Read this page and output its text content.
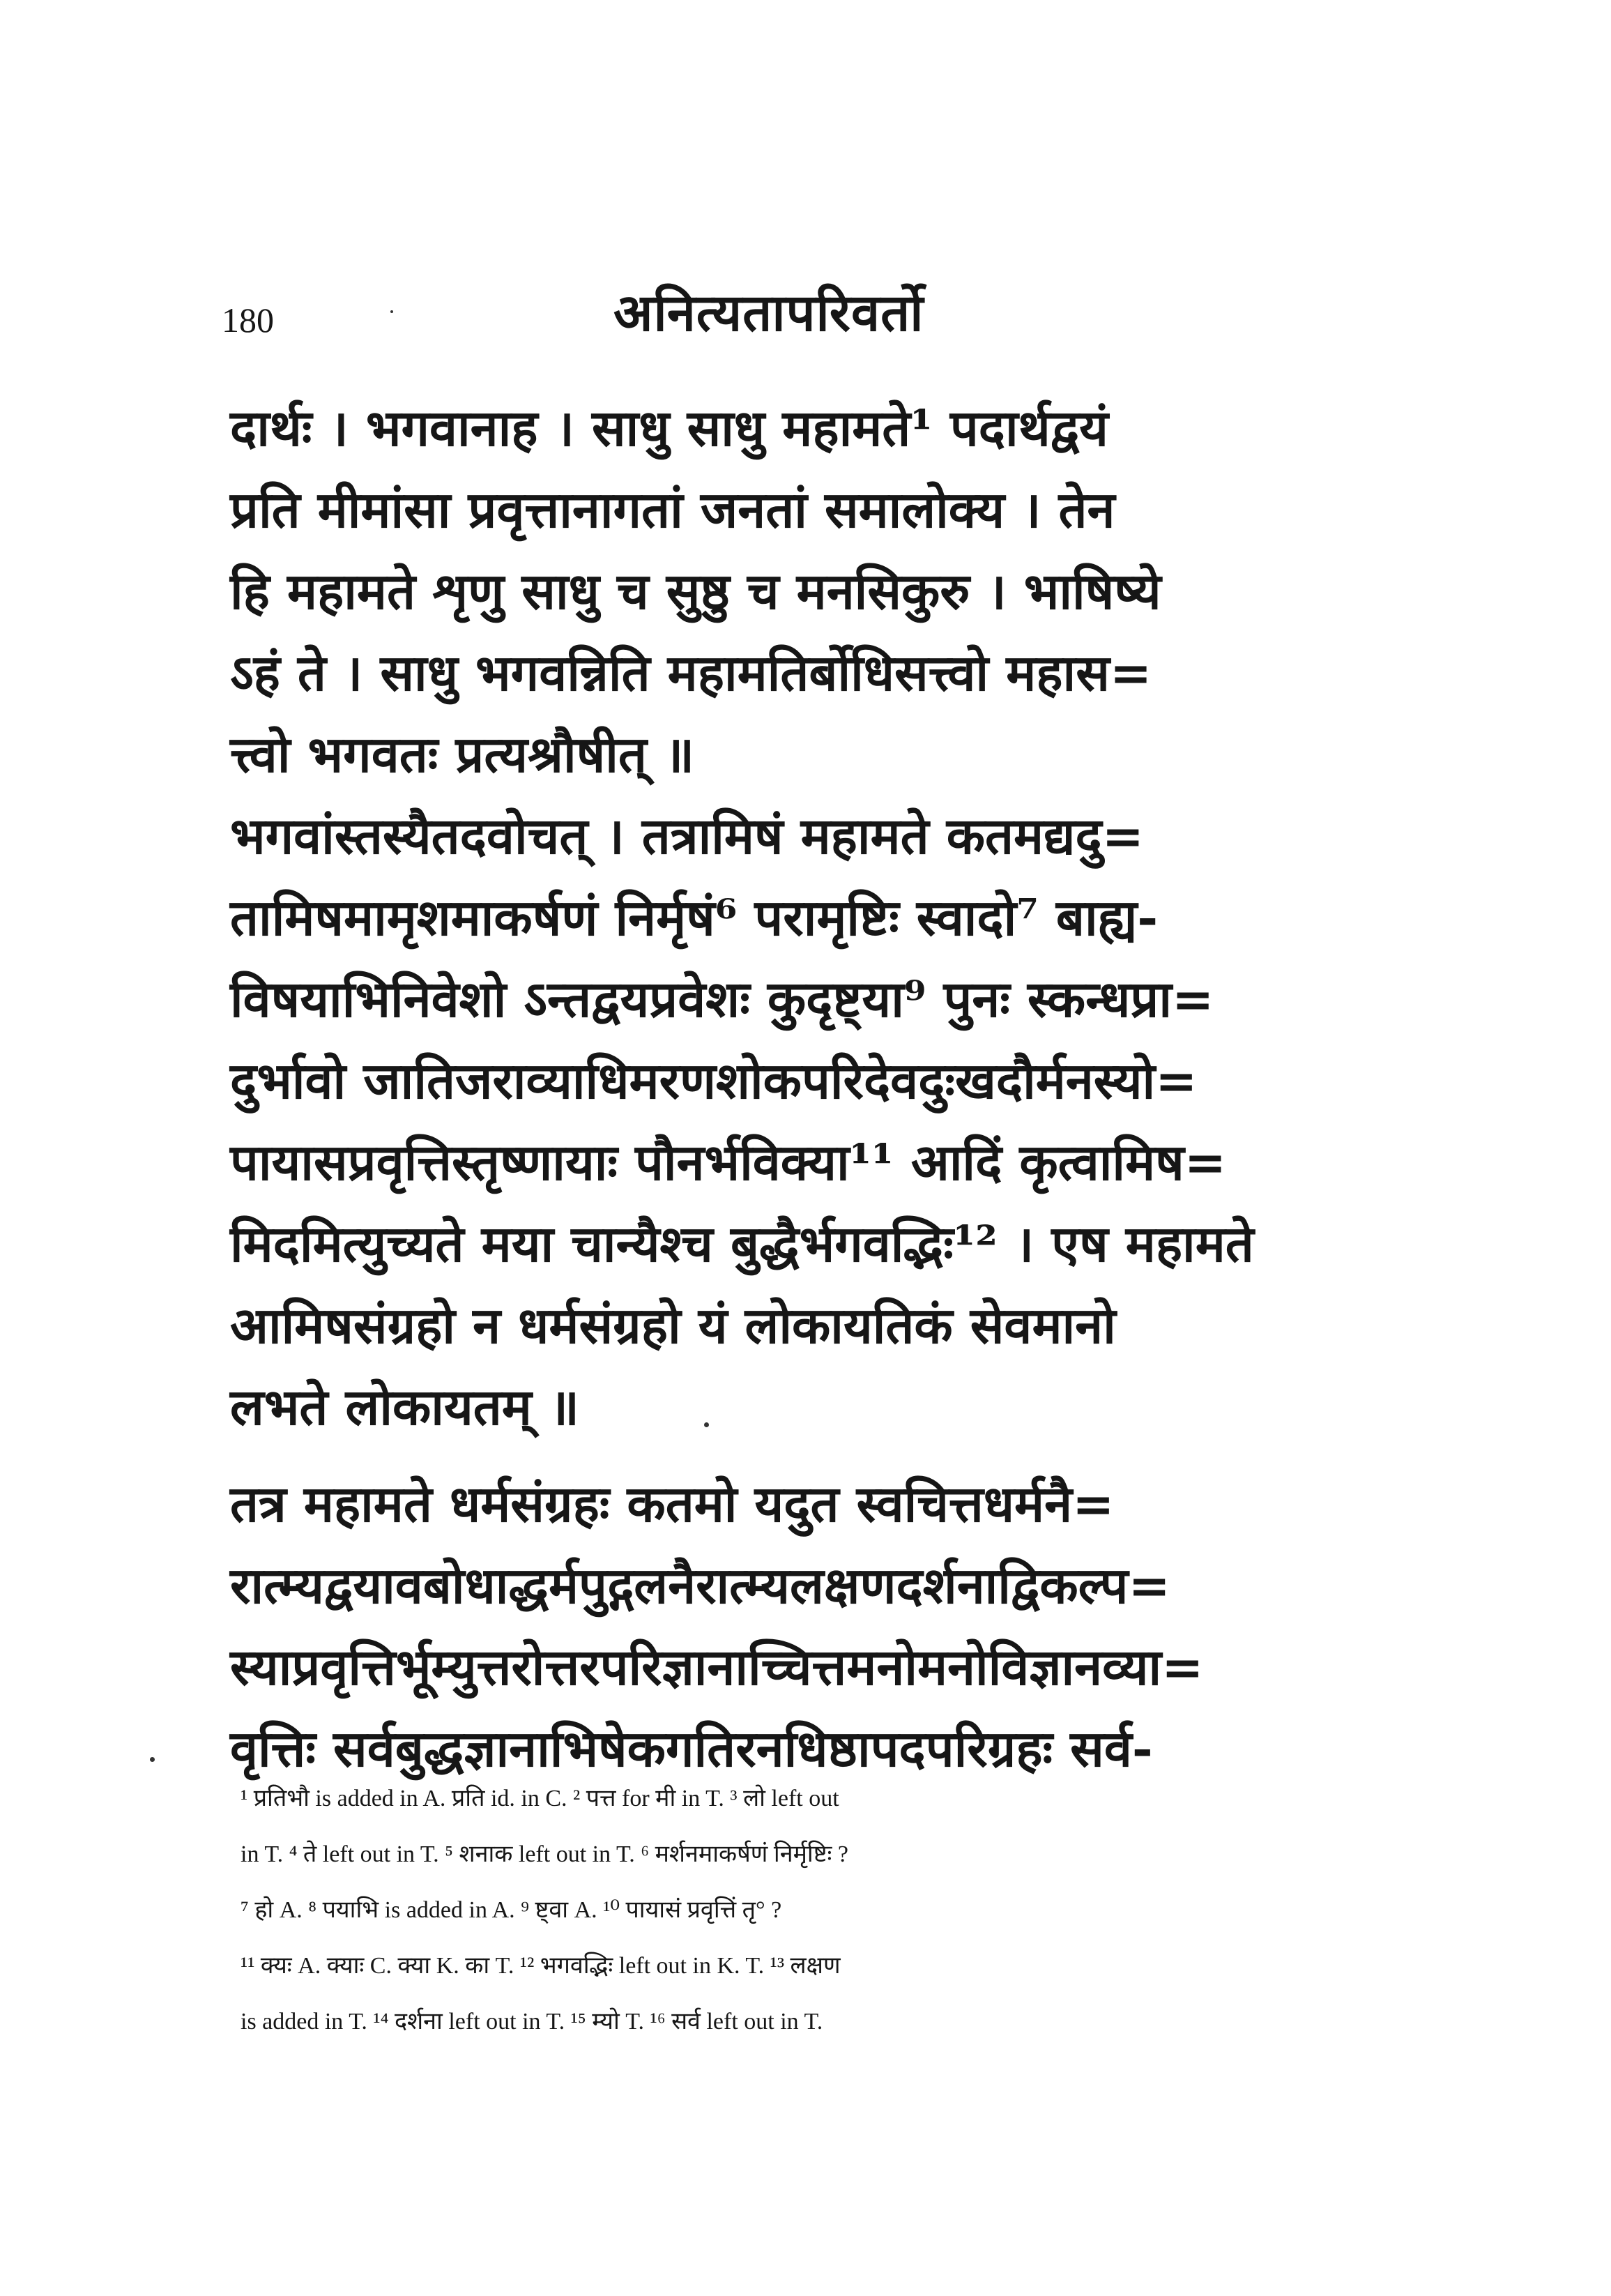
180	अनित्यतापरिवर्तो
दार्थः । भगवानाह । साधु साधु महामते¹ पदार्थद्वयं
प्रति मीमांसा प्रवृत्तानागतां जनतां समालोक्य । तेन
हि महामते शृणु साधु च सुष्ठु च मनसिकुरु । भाषिष्ये
ऽहं ते । साधु भगवन्निति महामतिर्बोधिसत्त्वो महास=
त्त्वो भगवतः प्रत्यश्रौषीत् ॥
भगवांस्तस्यैतदवोचत् । तत्रामिषं महामते कतमद्यदु=
तामिषमामृशमाकर्षणं निर्मृषं⁶ परामृष्टिः स्वादो⁷ बाह्य-
विषयाभिनिवेशो ऽन्तद्वयप्रवेशः कुदृष्ट्या⁹ पुनः स्कन्धप्रा=
दुर्भावो जातिजराव्याधिमरणशोकपरिदेवदुःखदौर्मनस्यो=
पायासप्रवृत्तिस्तृष्णायाः पौनर्भविक्या¹¹ आदिं कृत्वामिष=
मिदमित्युच्यते मया चान्यैश्च बुद्धैर्भगवद्भिः¹² । एष महामते
आमिषसंग्रहो न धर्मसंग्रहो यं लोकायतिकं सेवमानो
लभते लोकायतम् ॥
तत्र महामते धर्मसंग्रहः कतमो यदुत स्वचित्तधर्मनै=
रात्म्यद्वयावबोधाद्धर्मपुद्गलनैरात्म्यलक्षणदर्शनाद्विकल्प=
स्याप्रवृत्तिर्भूम्युत्तरोत्तरपरिज्ञानाच्चित्तमनोमनोविज्ञानव्या=
वृत्तिः सर्वबुद्धज्ञानाभिषेकगतिरनधिष्ठापदपरिग्रहः सर्व-
¹ प्रतिभौ is added in A. प्रति id. in C. ² पत्त for मी in T. ³ लो left out
in T. ⁴ ते left out in T. ⁵ शनाक left out in T. ⁶ मर्शनमाकर्षणं निर्मृष्टिः ?
⁷ हो A. ⁸ पयाभि is added in A. ⁹ ष्ट्वा A. ¹⁰ पायासं प्रवृत्तिं तृ° ?
¹¹ क्यः A. क्याः C. क्या K. का T. ¹² भगवद्भिः left out in K. T. ¹³ लक्षण
is added in T. ¹⁴ दर्शना left out in T. ¹⁵ म्यो T. ¹⁶ सर्व left out in T.
